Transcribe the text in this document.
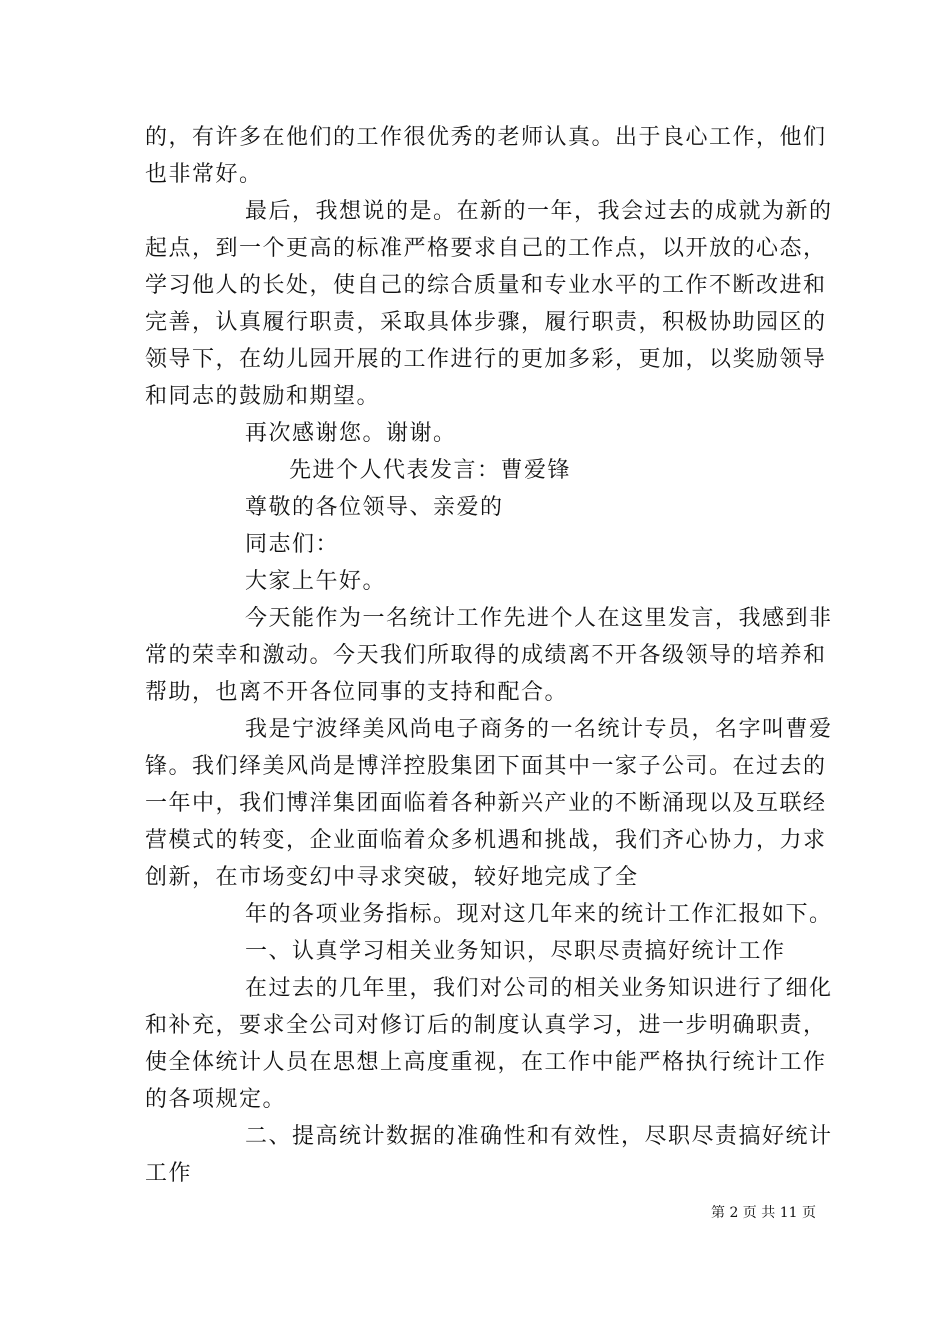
的，有许多在他们的工作很优秀的老师认真。出于良心工作，他们
也非常好。
最后，我想说的是。在新的一年，我会过去的成就为新的
起点，到一个更高的标准严格要求自己的工作点，以开放的心态，
学习他人的长处，使自己的综合质量和专业水平的工作不断改进和
完善，认真履行职责，采取具体步骤，履行职责，积极协助园区的
领导下，在幼儿园开展的工作进行的更加多彩，更加，以奖励领导
和同志的鼓励和期望。
再次感谢您。谢谢。
先进个人代表发言：曹爱锋
尊敬的各位领导、亲爱的
同志们：
大家上午好。
今天能作为一名统计工作先进个人在这里发言，我感到非
常的荣幸和激动。今天我们所取得的成绩离不开各级领导的培养和
帮助，也离不开各位同事的支持和配合。
我是宁波绎美风尚电子商务的一名统计专员，名字叫曹爱
锋。我们绎美风尚是博洋控股集团下面其中一家子公司。在过去的
一年中，我们博洋集团面临着各种新兴产业的不断涌现以及互联经
营模式的转变，企业面临着众多机遇和挑战，我们齐心协力，力求
创新，在市场变幻中寻求突破，较好地完成了全
年的各项业务指标。现对这几年来的统计工作汇报如下。
一、认真学习相关业务知识，尽职尽责搞好统计工作
在过去的几年里，我们对公司的相关业务知识进行了细化
和补充，要求全公司对修订后的制度认真学习，进一步明确职责，
使全体统计人员在思想上高度重视，在工作中能严格执行统计工作
的各项规定。
二、提高统计数据的准确性和有效性，尽职尽责搞好统计
工作
第 2 页 共 11 页
